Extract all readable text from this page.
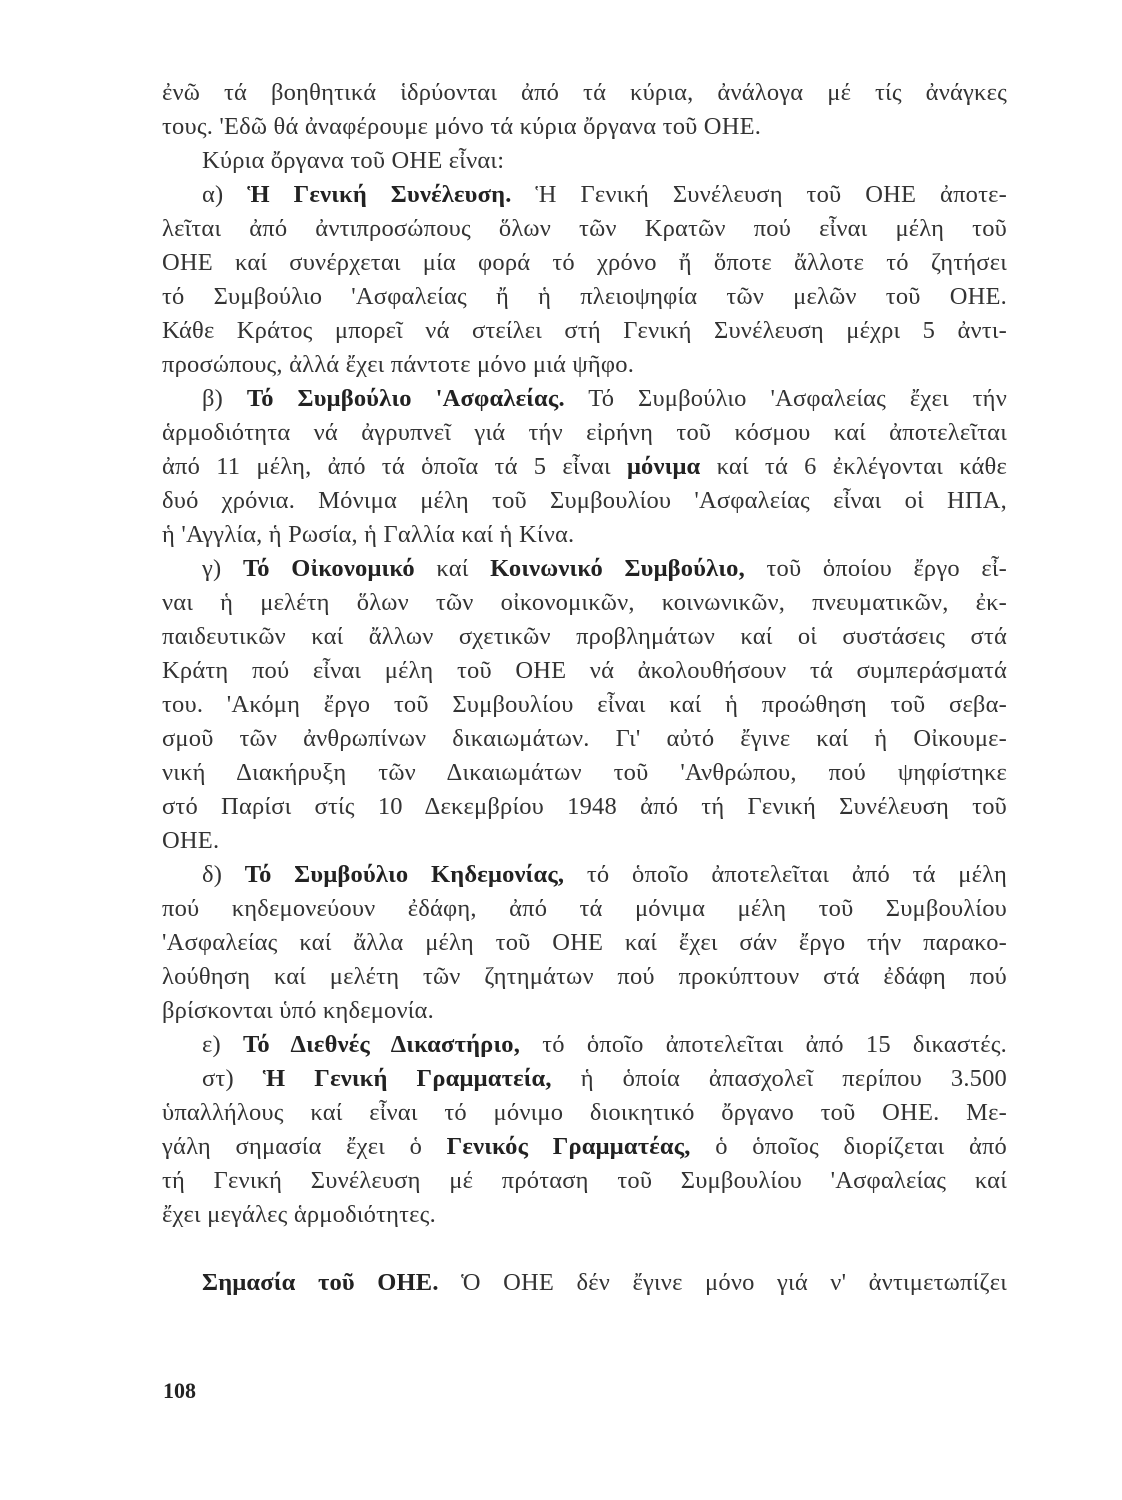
ἐνῶ τά βοηθητικά ἱδρύονται ἀπό τά κύρια, ἀνάλογα μέ τίς ἀνάγκες
τους. 'Εδῶ θά ἀναφέρουμε μόνο τά κύρια ὄργανα τοῦ ΟΗΕ.
Κύρια ὄργανα τοῦ ΟΗΕ εἶναι:
α) Ἡ Γενική Συνέλευση. Ἡ Γενική Συνέλευση τοῦ ΟΗΕ ἀποτε-
λεῖται ἀπό ἀντιπροσώπους ὅλων τῶν Κρατῶν πού εἶναι μέλη τοῦ
ΟΗΕ καί συνέρχεται μία φορά τό χρόνο ἤ ὅποτε ἄλλοτε τό ζητήσει
τό Συμβούλιο 'Ασφαλείας ἤ ἡ πλειοψηφία τῶν μελῶν τοῦ ΟΗΕ.
Κάθε Κράτος μπορεῖ νά στείλει στή Γενική Συνέλευση μέχρι 5 ἀντι-
προσώπους, ἀλλά ἔχει πάντοτε μόνο μιά ψῆφο.
β) Τό Συμβούλιο 'Ασφαλείας. Τό Συμβούλιο 'Ασφαλείας ἔχει τήν
ἁρμοδιότητα νά ἀγρυπνεῖ γιά τήν εἰρήνη τοῦ κόσμου καί ἀποτελεῖται
ἀπό 11 μέλη, ἀπό τά ὁποῖα τά 5 εἶναι μόνιμα καί τά 6 ἐκλέγονται κάθε
δυό χρόνια. Μόνιμα μέλη τοῦ Συμβουλίου 'Ασφαλείας εἶναι οἱ ΗΠΑ,
ἡ 'Αγγλία, ἡ Ρωσία, ἡ Γαλλία καί ἡ Κίνα.
γ) Τό Οἰκονομικό καί Κοινωνικό Συμβούλιο, τοῦ ὁποίου ἔργο εἶ-
ναι ἡ μελέτη ὅλων τῶν οἰκονομικῶν, κοινωνικῶν, πνευματικῶν, ἐκ-
παιδευτικῶν καί ἄλλων σχετικῶν προβλημάτων καί οἱ συστάσεις στά
Κράτη πού εἶναι μέλη τοῦ ΟΗΕ νά ἀκολουθήσουν τά συμπεράσματά
του. 'Ακόμη ἔργο τοῦ Συμβουλίου εἶναι καί ἡ προώθηση τοῦ σεβα-
σμοῦ τῶν ἀνθρωπίνων δικαιωμάτων. Γι' αὐτό ἔγινε καί ἡ Οἰκουμε-
νική Διακήρυξη τῶν Δικαιωμάτων τοῦ 'Ανθρώπου, πού ψηφίστηκε
στό Παρίσι στίς 10 Δεκεμβρίου 1948 ἀπό τή Γενική Συνέλευση τοῦ
ΟΗΕ.
δ) Τό Συμβούλιο Κηδεμονίας, τό ὁποῖο ἀποτελεῖται ἀπό τά μέλη
πού κηδεμονεύουν ἐδάφη, ἀπό τά μόνιμα μέλη τοῦ Συμβουλίου
'Ασφαλείας καί ἄλλα μέλη τοῦ ΟΗΕ καί ἔχει σάν ἔργο τήν παρακο-
λούθηση καί μελέτη τῶν ζητημάτων πού προκύπτουν στά ἐδάφη πού
βρίσκονται ὑπό κηδεμονία.
ε) Τό Διεθνές Δικαστήριο, τό ὁποῖο ἀποτελεῖται ἀπό 15 δικαστές.
στ) Ἡ Γενική Γραμματεία, ἡ ὁποία ἀπασχολεῖ περίπου 3.500
ὑπαλλήλους καί εἶναι τό μόνιμο διοικητικό ὄργανο τοῦ ΟΗΕ. Με-
γάλη σημασία ἔχει ὁ Γενικός Γραμματέας, ὁ ὁποῖος διορίζεται ἀπό
τή Γενική Συνέλευση μέ πρόταση τοῦ Συμβουλίου 'Ασφαλείας καί
ἔχει μεγάλες ἁρμοδιότητες.
Σημασία τοῦ ΟΗΕ. Ὁ ΟΗΕ δέν ἔγινε μόνο γιά ν' ἀντιμετωπίζει
108
